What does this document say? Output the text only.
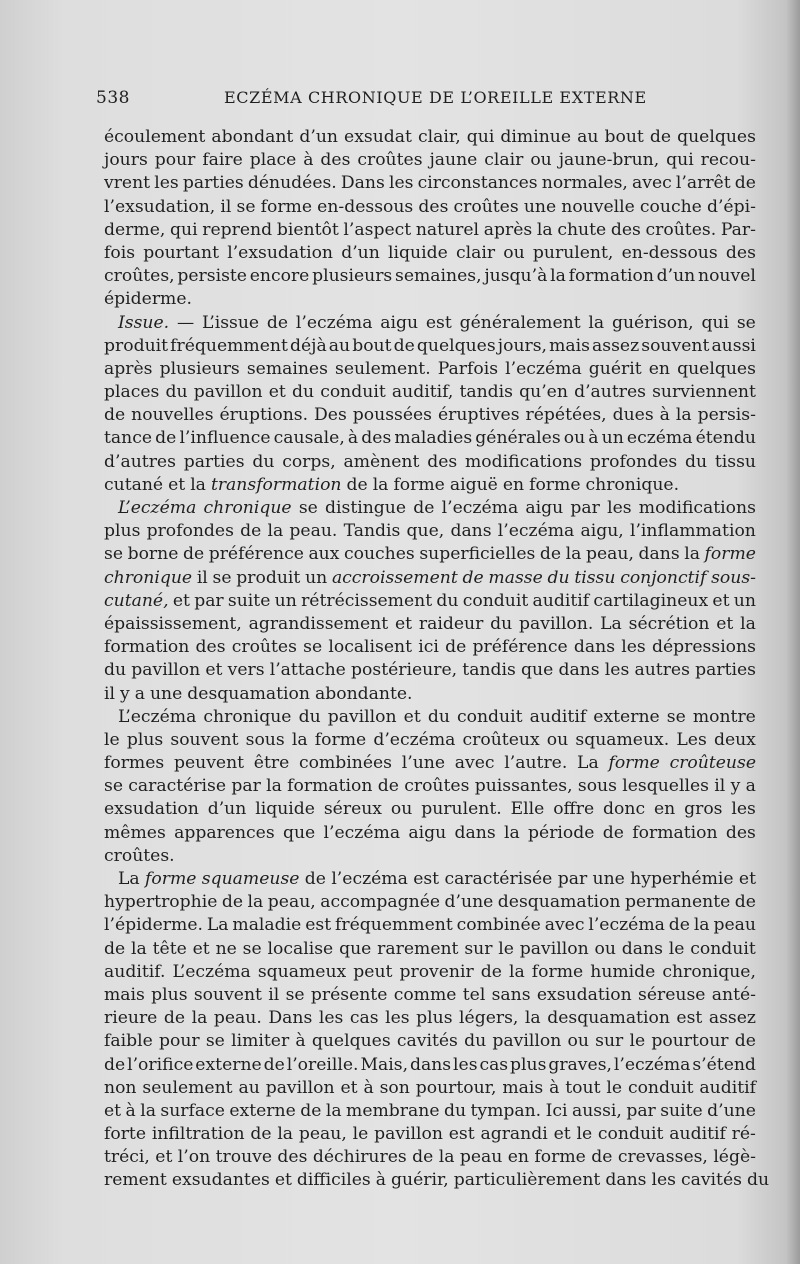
538	ECZÉMA CHRONIQUE DE L’OREILLE EXTERNE
écoulement abondant d’un exsudat clair, qui diminue au bout de quelques
jours pour faire place à des croûtes jaune clair ou jaune-brun, qui recou-
vrent les parties dénudées. Dans les circonstances normales, avec l’arrêt de
l’exsudation, il se forme en-dessous des croûtes une nouvelle couche d’épi-
derme, qui reprend bientôt l’aspect naturel après la chute des croûtes. Par-
fois pourtant l’exsudation d’un liquide clair ou purulent, en-dessous des
croûtes, persiste encore plusieurs semaines, jusqu’à la formation d’un nouvel
épiderme.
Issue. — L’issue de l’eczéma aigu est généralement la guérison, qui se
produit fréquemment déjà au bout de quelques jours, mais assez souvent aussi
après plusieurs semaines seulement. Parfois l’eczéma guérit en quelques
places du pavillon et du conduit auditif, tandis qu’en d’autres surviennent
de nouvelles éruptions. Des poussées éruptives répétées, dues à la persis-
tance de l’influence causale, à des maladies générales ou à un eczéma étendu
d’autres parties du corps, amènent des modifications profondes du tissu
cutané et la transformation de la forme aiguë en forme chronique.
L’eczéma chronique se distingue de l’eczéma aigu par les modifications
plus profondes de la peau. Tandis que, dans l’eczéma aigu, l’inflammation
se borne de préférence aux couches superficielles de la peau, dans la forme
chronique il se produit un accroissement de masse du tissu conjonctif sous-
cutané, et par suite un rétrécissement du conduit auditif cartilagineux et un
épaississement, agrandissement et raideur du pavillon. La sécrétion et la
formation des croûtes se localisent ici de préférence dans les dépressions
du pavillon et vers l’attache postérieure, tandis que dans les autres parties
il y a une desquamation abondante.
L’eczéma chronique du pavillon et du conduit auditif externe se montre
le plus souvent sous la forme d’eczéma croûteux ou squameux. Les deux
formes peuvent être combinées l’une avec l’autre. La forme croûteuse
se caractérise par la formation de croûtes puissantes, sous lesquelles il y a
exsudation d’un liquide séreux ou purulent. Elle offre donc en gros les
mêmes apparences que l’eczéma aigu dans la période de formation des
croûtes.
La forme squameuse de l’eczéma est caractérisée par une hyperhémie et
hypertrophie de la peau, accompagnée d’une desquamation permanente de
l’épiderme. La maladie est fréquemment combinée avec l’eczéma de la peau
de la tête et ne se localise que rarement sur le pavillon ou dans le conduit
auditif. L’eczéma squameux peut provenir de la forme humide chronique,
mais plus souvent il se présente comme tel sans exsudation séreuse anté-
rieure de la peau. Dans les cas les plus légers, la desquamation est assez
faible pour se limiter à quelques cavités du pavillon ou sur le pourtour de
de l’orifice externe de l’oreille. Mais, dans les cas plus graves, l’eczéma s’étend
non seulement au pavillon et à son pourtour, mais à tout le conduit auditif
et à la surface externe de la membrane du tympan. Ici aussi, par suite d’une
forte infiltration de la peau, le pavillon est agrandi et le conduit auditif ré-
tréci, et l’on trouve des déchirures de la peau en forme de crevasses, légè-
rement exsudantes et difficiles à guérir, particulièrement dans les cavités du
